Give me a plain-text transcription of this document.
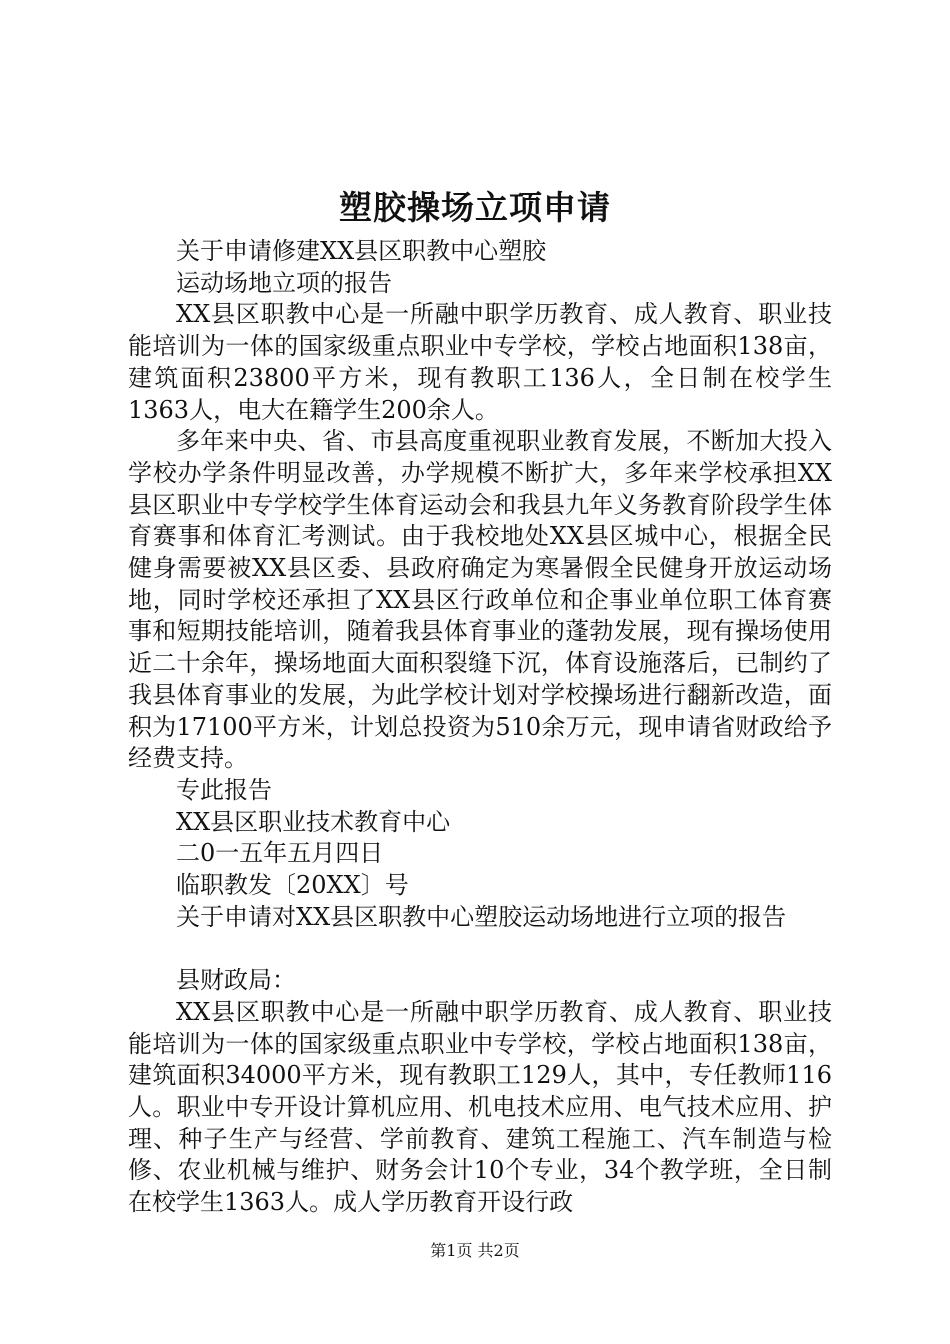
塑胶操场立项申请

关于申请修建XX县区职教中心塑胶

运动场地立项的报告

XX县区职教中心是一所融中职学历教育、成人教育、职业技能培训为一体的国家级重点职业中专学校，学校占地面积138亩，建筑面积23800平方米，现有教职工136人，全日制在校学生1363人，电大在籍学生200余人。

多年来中央、省、市县高度重视职业教育发展，不断加大投入学校办学条件明显改善，办学规模不断扩大，多年来学校承担XX县区职业中专学校学生体育运动会和我县九年义务教育阶段学生体育赛事和体育汇考测试。由于我校地处XX县区城中心，根据全民健身需要被XX县区委、县政府确定为寒暑假全民健身开放运动场地，同时学校还承担了XX县区行政单位和企事业单位职工体育赛事和短期技能培训，随着我县体育事业的蓬勃发展，现有操场使用近二十余年，操场地面大面积裂缝下沉，体育设施落后，已制约了我县体育事业的发展，为此学校计划对学校操场进行翻新改造，面积为17100平方米，计划总投资为510余万元，现申请省财政给予经费支持。

专此报告

XX县区职业技术教育中心

二0一五年五月四日

临职教发〔20XX〕号

关于申请对XX县区职教中心塑胶运动场地进行立项的报告

县财政局：

XX县区职教中心是一所融中职学历教育、成人教育、职业技能培训为一体的国家级重点职业中专学校，学校占地面积138亩，建筑面积34000平方米，现有教职工129人，其中，专任教师116人。职业中专开设计算机应用、机电技术应用、电气技术应用、护理、种子生产与经营、学前教育、建筑工程施工、汽车制造与检修、农业机械与维护、财务会计10个专业，34个教学班，全日制在校学生1363人。成人学历教育开设行政

第1页 共2页
